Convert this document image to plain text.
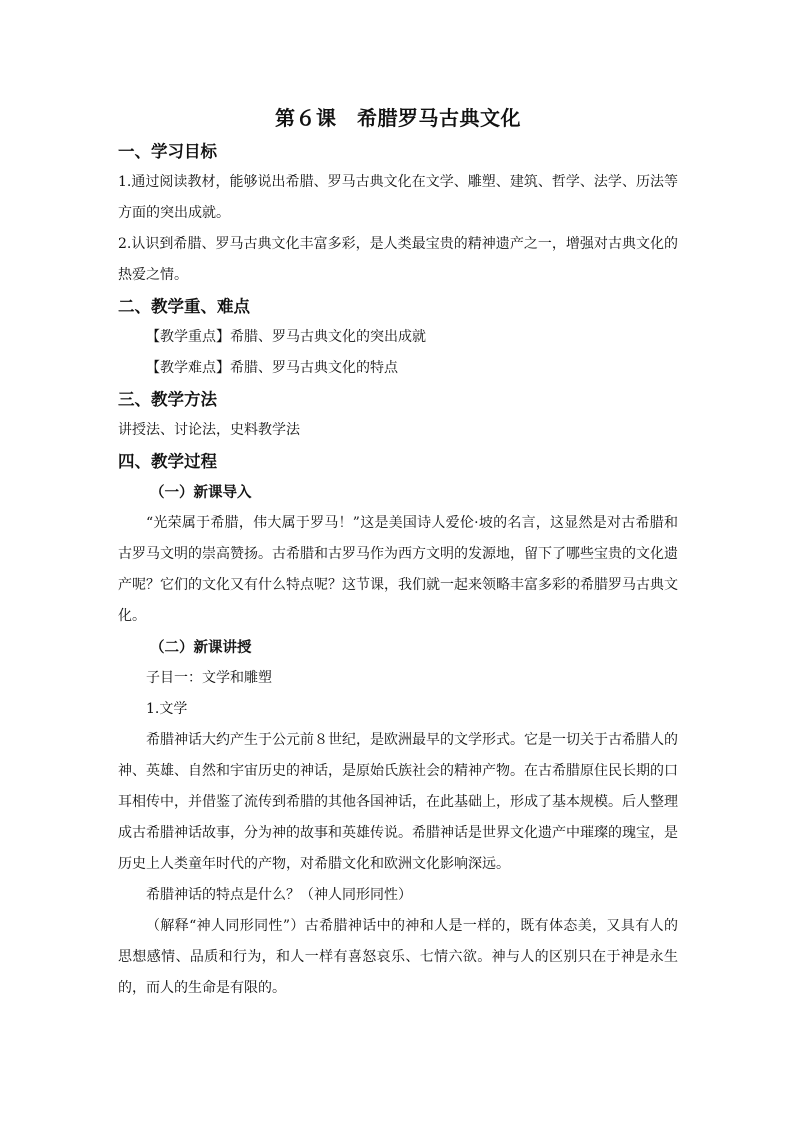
第６课　希腊罗马古典文化
一、学习目标
1.通过阅读教材，能够说出希腊、罗马古典文化在文学、雕塑、建筑、哲学、法学、历法等方面的突出成就。
2.认识到希腊、罗马古典文化丰富多彩，是人类最宝贵的精神遗产之一，增强对古典文化的热爱之情。
二、教学重、难点
【教学重点】希腊、罗马古典文化的突出成就
【教学难点】希腊、罗马古典文化的特点
三、教学方法
讲授法、讨论法，史料教学法
四、教学过程
（一）新课导入
“光荣属于希腊，伟大属于罗马！”这是美国诗人爱伦·坡的名言，这显然是对古希腊和古罗马文明的崇高赞扬。古希腊和古罗马作为西方文明的发源地，留下了哪些宝贵的文化遗产呢？它们的文化又有什么特点呢？这节课，我们就一起来领略丰富多彩的希腊罗马古典文化。
（二）新课讲授
子目一：文学和雕塑
1.文学
希腊神话大约产生于公元前８世纪，是欧洲最早的文学形式。它是一切关于古希腊人的神、英雄、自然和宇宙历史的神话，是原始氏族社会的精神产物。在古希腊原住民长期的口耳相传中，并借鉴了流传到希腊的其他各国神话，在此基础上，形成了基本规模。后人整理成古希腊神话故事，分为神的故事和英雄传说。希腊神话是世界文化遗产中璀璨的瑰宝，是历史上人类童年时代的产物，对希腊文化和欧洲文化影响深远。
希腊神话的特点是什么？（神人同形同性）
（解释“神人同形同性”）古希腊神话中的神和人是一样的，既有体态美，又具有人的思想感情、品质和行为，和人一样有喜怒哀乐、七情六欲。神与人的区别只在于神是永生的，而人的生命是有限的。
